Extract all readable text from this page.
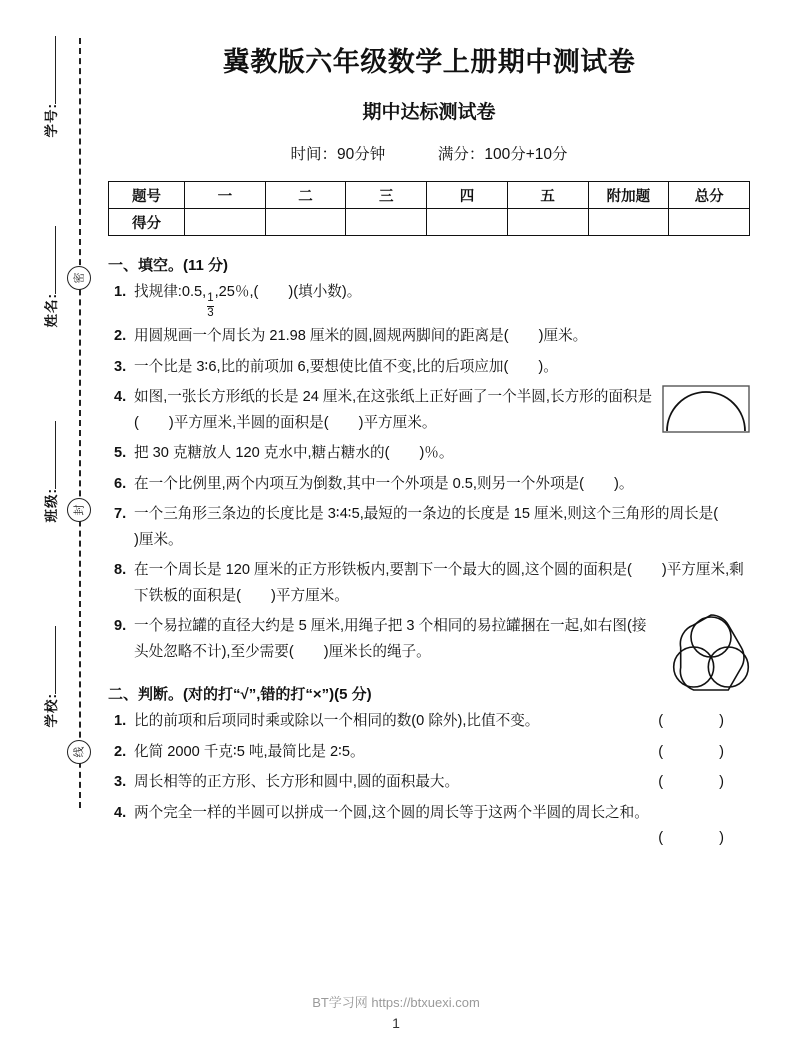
学号:
姓名:
班级:
学校:
密
封
线
冀教版六年级数学上册期中测试卷
期中达标测试卷
时间：90分钟	满分：100分+10分
题号	一	二	三	四	五	附加题	总分
得分							
一、填空。(11 分)
1. 找规律:0.5,
$\frac{1}{3}$
,25％,( )(填小数)。
2. 用圆规画一个周长为 21.98 厘米的圆,圆规两脚间的距离是( )厘米。
3. 一个比是 3∶6,比的前项加 6,要想使比值不变,比的后项应加( )。
4. 如图,一张长方形纸的长是 24 厘米,在这张纸上正好画了一个半圆,长方形的面积是( )平方厘米,半圆的面积是( )平方厘米。
5. 把 30 克糖放人 120 克水中,糖占糖水的( )％。
6. 在一个比例里,两个内项互为倒数,其中一个外项是 0.5,则另一个外项是( )。
7. 一个三角形三条边的长度比是 3∶4∶5,最短的一条边的长度是 15 厘米,则这个三角形的周长是()厘米。
8. 在一个周长是 120 厘米的正方形铁板内,要割下一个最大的圆,这个圆的面积是( )平方厘米,剩下铁板的面积是( )平方厘米。
9. 一个易拉罐的直径大约是 5 厘米,用绳子把 3 个相同的易拉罐捆在一起,如右图(接头处忽略不计),至少需要( )厘米长的绳子。
二、判断。(对的打“√”,错的打“×”)(5 分)
1. 比的前项和后项同时乘或除以一个相同的数(0 除外),比值不变。	( )
2. 化简 2000 千克∶5 吨,最简比是 2∶5。	( )
3. 周长相等的正方形、长方形和圆中,圆的面积最大。	( )
4. 两个完全一样的半圆可以拼成一个圆,这个圆的周长等于这两个半圆的周长之和。
( )
BT学习网 https://btxuexi.com
1
